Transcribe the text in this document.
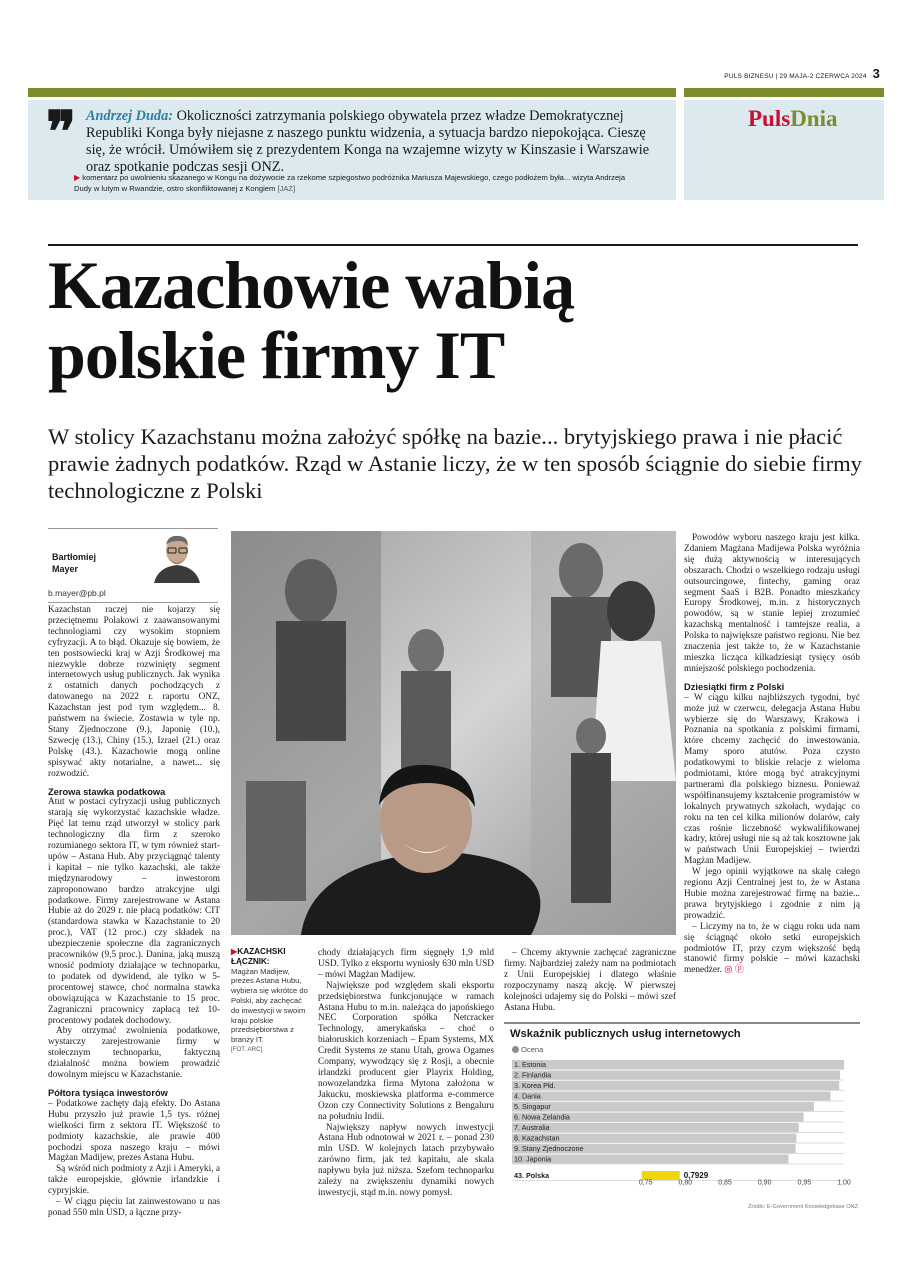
PULS BIZNESU | 29 MAJA-2 CZERWCA 2024 3
❞ Andrzej Duda: Okoliczności zatrzymania polskiego obywatela przez władze Demokratycznej Republiki Konga były niejasne z naszego punktu widzenia, a sytuacja bardzo niepokojąca. Cieszę się, że wrócił. Umówiłem się z prezydentem Konga na wzajemne wizyty w Kinszasie i Warszawie oraz spotkanie podczas sesji ONZ.
▶ komentarz po uwolnieniu skazanego w Kongu na dożywocie za rzekome szpiegostwo podróżnika Mariusza Majewskiego, czego podłożem była... wizyta Andrzeja Dudy w lutym w Rwandzie, ostro skonfliktowanej z Kongiem [JAZ]
PulsDnia
Kazachowie wabią
polskie firmy IT
W stolicy Kazachstanu można założyć spółkę na bazie... brytyjskiego prawa i nie płacić prawie żadnych podatków. Rząd w Astanie liczy, że w ten sposób ściągnie do siebie firmy technologiczne z Polski
Bartłomiej
Mayer
b.mayer@pb.pl

Kazachstan raczej nie kojarzy się przeciętnemu Polakowi z zaawansowanymi technologiami czy wysokim stopniem cyfryzacji. A to błąd. Okazuje się bowiem, że ten postsowiecki kraj w Azji Środkowej ma niezwykle dobrze rozwinięty segment internetowych usług publicznych. Jak wynika z ostatnich danych pochodzących z datowanego na 2022 r. raportu ONZ, Kazachstan jest pod tym względem... 8. państwem na świecie. Zostawia w tyle np. Stany Zjednoczone (9.), Japonię (10.), Szwecję (13.), Chiny (15.), Izrael (21.) oraz Polskę (43.). Kazachowie mogą online spisywać akty notarialne, a nawet... się rozwodzić.

Zerowa stawka podatkowa

Atut w postaci cyfryzacji usług publicznych starają się wykorzystać kazachskie władze. Pięć lat temu rząd utworzył w stolicy park technologiczny dla firm z szeroko rozumianego sektora IT, w tym również start-upów – Astana Hub. Aby przyciągnąć talenty i kapitał – nie tylko kazachski, ale także międzynarodowy – inwestorom zaproponowano bardzo atrakcyjne ulgi podatkowe. Firmy zarejestrowane w Astana Hubie aż do 2029 r. nie płacą podatków: CIT (standardowa stawka w Kazachstanie to 20 proc.), VAT (12 proc.) czy składek na ubezpieczenie społeczne dla zagranicznych pracowników (9,5 proc.). Danina, jaką muszą wnosić podmioty działające w technoparku, to podatek od dywidend, ale tylko w 5-procentowej stawce, choć normalna stawka obowiązująca w Kazachstanie to 15 proc. Zagraniczni pracownicy zapłacą też 10-procentowy podatek dochodowy.

Aby otrzymać zwolnienia podatkowe, wystarczy zarejestrowanie firmy w stołecznym technoparku, faktyczną działalność można bowiem prowadzić dowolnym miejscu w Kazachstanie.

Półtora tysiąca inwestorów

– Podatkowe zachęty dają efekty. Do Astana Hubu przyszło już prawie 1,5 tys. różnej wielkości firm z sektora IT. Większość to podmioty kazachskie, ale prawie 400 pochodzi spoza naszego kraju – mówi Magżan Madijew, prezes Astana Hubu.

Są wśród nich podmioty z Azji i Ameryki, a także europejskie, głównie irlandzkie i cypryjskie.

– W ciągu pięciu lat zainwestowano u nas ponad 550 mln USD, a łączne przy-

▶KAZACHSKI ŁĄCZNIK:
Magżan Madijew, prezes Astana Hubu, wybiera się wkrótce do Polski, aby zachęcać do inwestycji w swoim kraju polskie przedsiębiorstwa z branży IT.
[FOT. ARC]

chody działających firm sięgnęły 1,9 mld USD. Tylko z eksportu wyniosły 630 mln USD – mówi Magżan Madijew.

Największe pod względem skali eksportu przedsiębiorstwa funkcjonujące w ramach Astana Hubu to m.in. należąca do japońskiego NEC Corporation spółka Netcracker Technology, amerykańska – choć o białoruskich korzeniach – Epam Systems, MX Credit Systems ze stanu Utah, growa Ogames Company, wywodzący się z Rosji, a obecnie irlandzki producent gier Playrix Holding, nowozelandzka firma Mytona założona w Jakucku, moskiewska platforma e-commerce Ozon czy Connectivity Solutions z Bengaluru na południu Indii.

Największy napływ nowych inwestycji Astana Hub odnotował w 2021 r. – ponad 230 mln USD. W kolejnych latach przybywało zarówno firm, jak też kapitału, ale skala napływu była już niższa. Szefom technoparku zależy na zwiększeniu dynamiki nowych inwestycji, stąd m.in. nowy pomysł.

– Chcemy aktywnie zachęcać zagraniczne firmy. Najbardziej zależy nam na podmiotach z Unii Europejskiej i dlatego właśnie rozpoczynamy naszą akcję. W pierwszej kolejności udajemy się do Polski – mówi szef Astana Hubu.

Powodów wyboru naszego kraju jest kilka. Zdaniem Magżana Madijewa Polska wyróżnia się dużą aktywnością w interesujących obszarach. Chodzi o wszelkiego rodzaju usługi outsourcingowe, fintechy, gaming oraz segment SaaS i B2B. Ponadto mieszkańcy Europy Środkowej, m.in. z historycznych powodów, są w stanie lepiej zrozumieć kazachską mentalność i tamtejsze realia, a Polska to największe państwo regionu. Nie bez znaczenia jest także to, że w Kazachstanie mieszka licząca kilkadziesiąt tysięcy osób mniejszość polskiego pochodzenia.

Dziesiątki firm z Polski

– W ciągu kilku najbliższych tygodni, być może już w czerwcu, delegacja Astana Hubu wybierze się do Warszawy, Krakowa i Poznania na spotkania z polskimi firmami, które chcemy zachęcić do inwestowania. Mamy sporo atutów. Poza czysto podatkowymi to bliskie relacje z wieloma podmiotami, które mogą być atrakcyjnymi partnerami dla polskiego biznesu. Ponieważ współfinansujemy kształcenie programistów w lokalnych prywatnych szkołach, wydając co roku na ten cel kilka milionów dolarów, cały czas rośnie liczebność wykwalifikowanej kadry, której usługi nie są aż tak kosztowne jak w państwach Unii Europejskiej – twierdzi Magżan Madijew.

W jego opinii wyjątkowe na skalę całego regionu Azji Centralnej jest to, że w Astana Hubie można zarejestrować firmę na bazie... prawa brytyjskiego i zgodnie z nim ją prowadzić.

– Liczymy na to, że w ciągu roku uda nam się ściągnąć około setki europejskich podmiotów IT, przy czym większość będą stanowić firmy polskie – mówi kazachski menedżer. ◎ ⓟ

1. Estonia
2. Finlandia
3. Korea Płd.
4. Dania
5. Singapur
6. Nowa Zelandia
7. Australia
8. Kazachstan
9. Stany Zjednoczone
10. Japonia
43. Polska	0,7929
0,75	0,80	0,85	0,90	0,95	1,00
Wskaźnik publicznych usług internetowych
Ocena
Źródło: E-Government Knowledgebase ONZ
